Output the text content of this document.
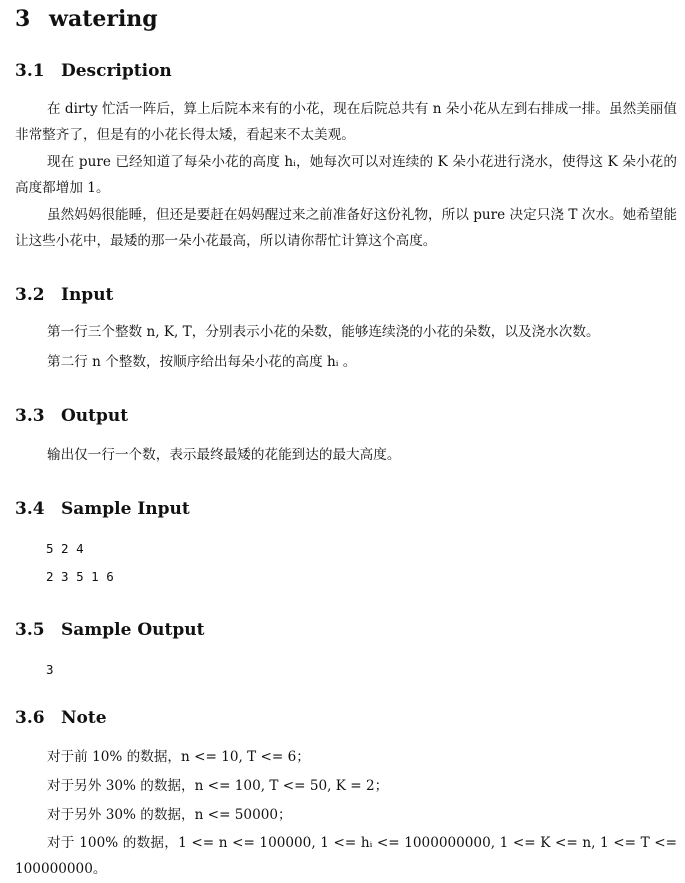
3 watering
3.1 Description

在 dirty 忙活一阵后，算上后院本来有的小花，现在后院总共有 n 朵小花从左到右排成一排。虽然美丽值非常整齐了，但是有的小花长得太矮，看起来不太美观。

现在 pure 已经知道了每朵小花的高度 hᵢ，她每次可以对连续的 K 朵小花进行浇水，使得这 K 朵小花的高度都增加 1。

虽然妈妈很能睡，但还是要赶在妈妈醒过来之前准备好这份礼物，所以 pure 决定只浇 T 次水。她希望能让这些小花中，最矮的那一朵小花最高，所以请你帮忙计算这个高度。

3.2 Input

第一行三个整数 n, K, T，分别表示小花的朵数，能够连续浇的小花的朵数，以及浇水次数。

第二行 n 个整数，按顺序给出每朵小花的高度 hᵢ 。

3.3 Output

输出仅一行一个数，表示最终最矮的花能到达的最大高度。

3.4 Sample Input
5 2 4
2 3 5 1 6
3.5 Sample Output
3
3.6 Note

对于前 10% 的数据，n <= 10, T <= 6；

对于另外 30% 的数据，n <= 100, T <= 50, K = 2；

对于另外 30% 的数据，n <= 50000；

对于 100% 的数据，1 <= n <= 100000, 1 <= hᵢ <= 1000000000, 1 <= K <= n, 1 <= T <= 100000000。
